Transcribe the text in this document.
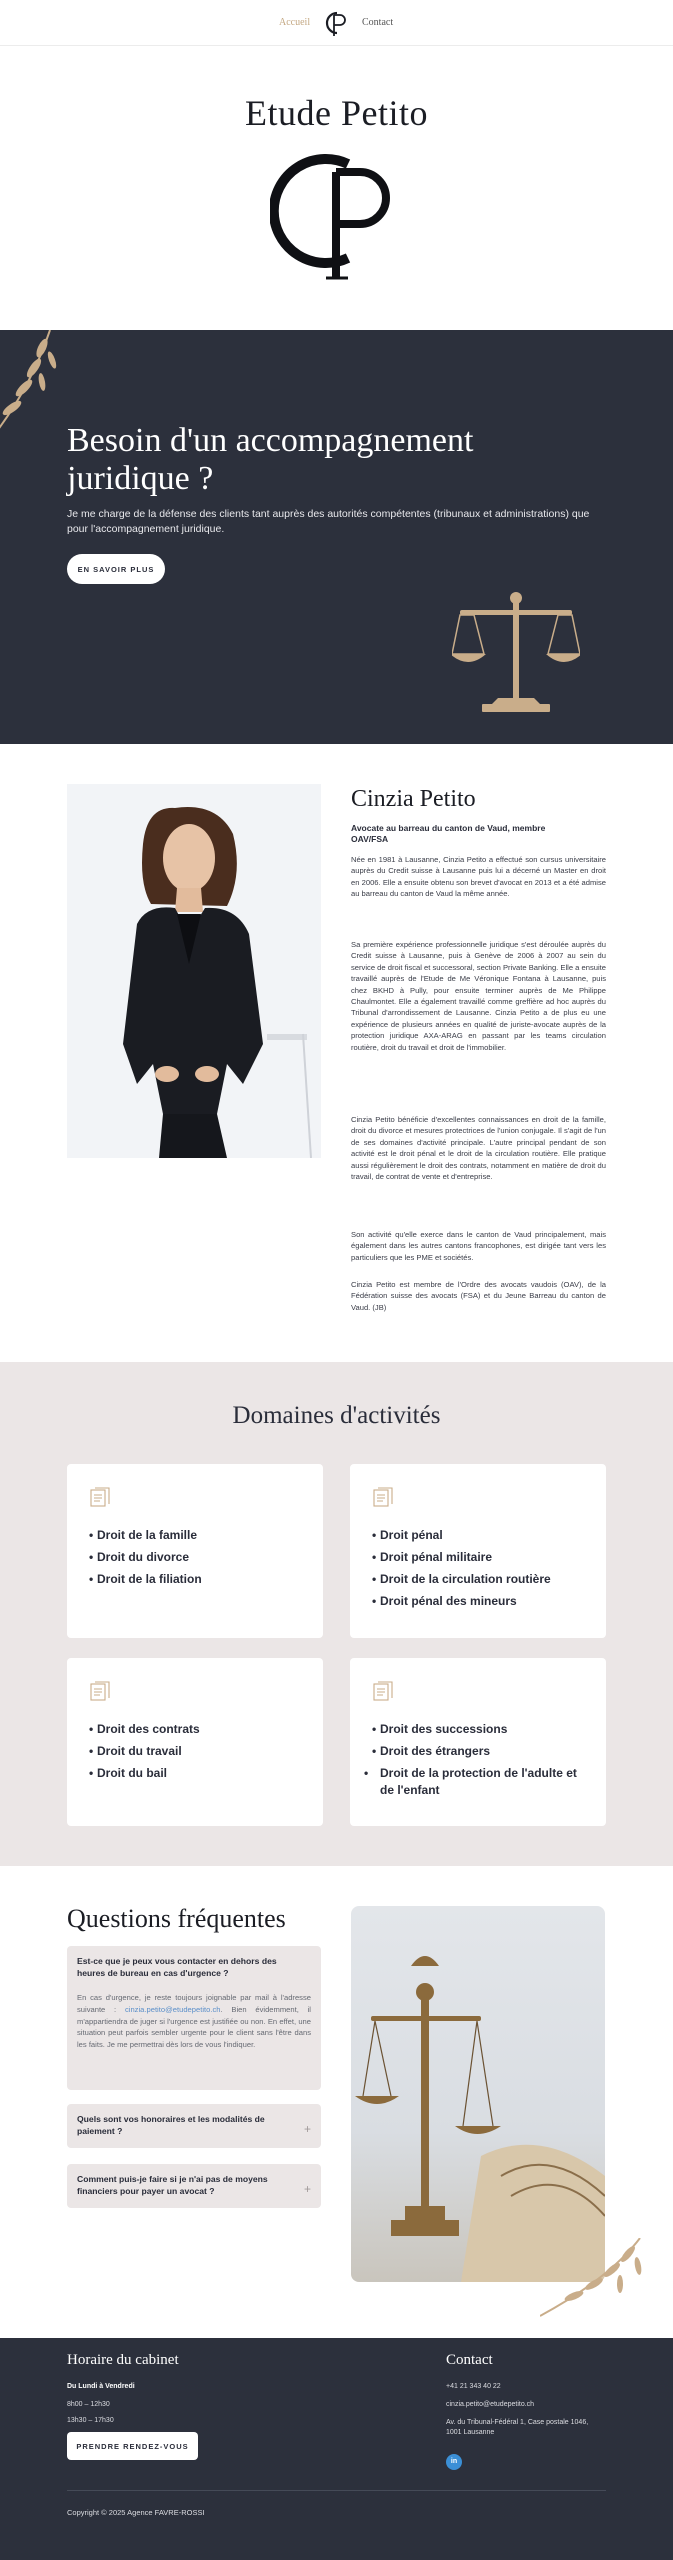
Accueil	Contact
Etude Petito
Besoin d'un accompagnement juridique ?

Je me charge de la défense des clients tant auprès des autorités compétentes (tribunaux et administrations) que pour l'accompagnement juridique.

EN SAVOIR PLUS
Cinzia Petito
Avocate au barreau du canton de Vaud, membre OAV/FSA

Née en 1981 à Lausanne, Cinzia Petito a effectué son cursus universitaire auprès du Credit suisse à Lausanne puis lui a décerné un Master en droit en 2006. Elle a ensuite obtenu son brevet d'avocat en 2013 et a été admise au barreau du canton de Vaud la même année.

Sa première expérience professionnelle juridique s'est déroulée auprès du Credit suisse à Lausanne, puis à Genève de 2006 à 2007 au sein du service de droit fiscal et successoral, section Private Banking. Elle a ensuite travaillé auprès de l'Etude de Me Véronique Fontana à Lausanne, puis chez BKHD à Pully, pour ensuite terminer auprès de Me Philippe Chaulmontet. Elle a également travaillé comme greffière ad hoc auprès du Tribunal d'arrondissement de Lausanne. Cinzia Petito a de plus eu une expérience de plusieurs années en qualité de juriste-avocate auprès de la protection juridique AXA-ARAG en passant par les teams circulation routière, droit du travail et droit de l'immobilier.

Cinzia Petito bénéficie d'excellentes connaissances en droit de la famille, droit du divorce et mesures protectrices de l'union conjugale. Il s'agit de l'un de ses domaines d'activité principale. L'autre principal pendant de son activité est le droit pénal et le droit de la circulation routière. Elle pratique aussi régulièrement le droit des contrats, notamment en matière de droit du travail, de contrat de vente et d'entreprise.

Son activité qu'elle exerce dans le canton de Vaud principalement, mais également dans les autres cantons francophones, est dirigée tant vers les particuliers que les PME et sociétés.

Cinzia Petito est membre de l'Ordre des avocats vaudois (OAV), de la Fédération suisse des avocats (FSA) et du Jeune Barreau du canton de Vaud. (JB)

Domaines d'activités
• Droit de la famille
• Droit du divorce
• Droit de la filiation
• Droit pénal
• Droit pénal militaire
• Droit de la circulation routière
• Droit pénal des mineurs
• Droit des contrats
• Droit du travail
• Droit du bail
• Droit des successions
• Droit des étrangers
• Droit de la protection de l'adulte et de l'enfant
Questions fréquentes
Est-ce que je peux vous contacter en dehors des heures de bureau en cas d'urgence ?

En cas d'urgence, je reste toujours joignable par mail à l'adresse suivante : cinzia.petito@etudepetito.ch. Bien évidemment, il m'appartiendra de juger si l'urgence est justifiée ou non. En effet, une situation peut parfois sembler urgente pour le client sans l'être dans les faits. Je me permettrai dès lors de vous l'indiquer.

Quels sont vos honoraires et les modalités de paiement ?	+
Comment puis-je faire si je n'ai pas de moyens financiers pour payer un avocat ?	+
Horaire du cabinet
Du Lundi à Vendredi
8h00 – 12h30
13h30 – 17h30
PRENDRE RENDEZ-VOUS
Contact
+41 21 343 40 22
cinzia.petito@etudepetito.ch
Av. du Tribunal-Fédéral 1, Case postale 1046,
1001 Lausanne
in
Copyright © 2025 Agence FAVRE-ROSSI
